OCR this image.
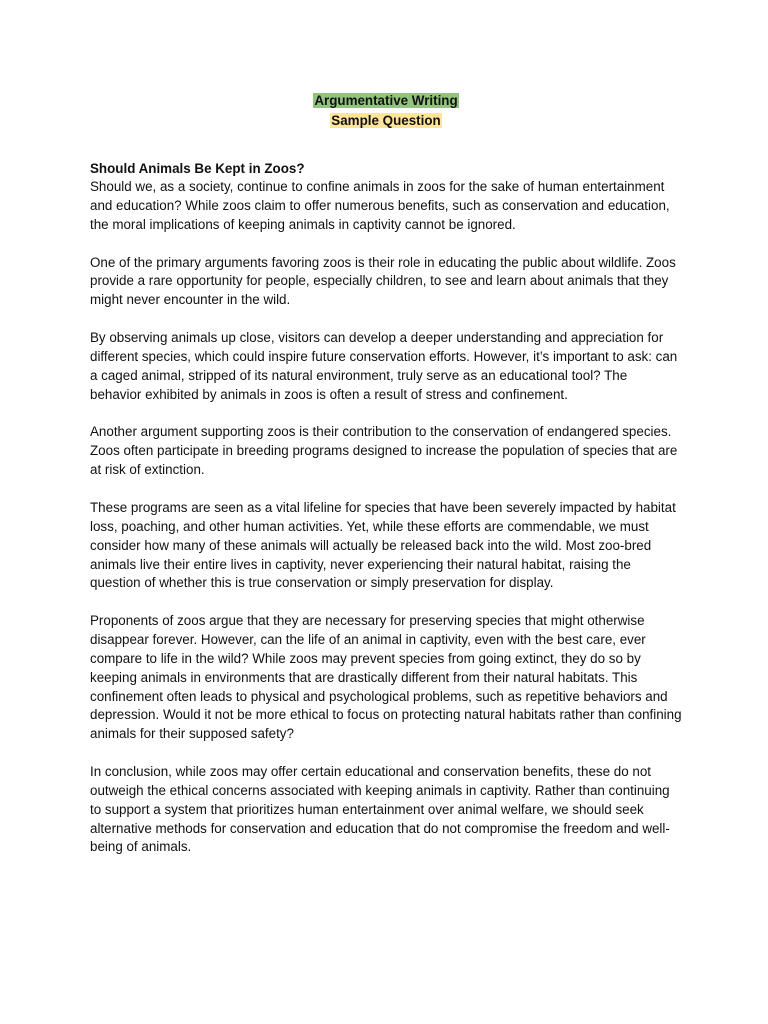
Argumentative Writing
Sample Question
Should Animals Be Kept in Zoos?

Should we, as a society, continue to confine animals in zoos for the sake of human entertainment and education? While zoos claim to offer numerous benefits, such as conservation and education, the moral implications of keeping animals in captivity cannot be ignored.

One of the primary arguments favoring zoos is their role in educating the public about wildlife. Zoos provide a rare opportunity for people, especially children, to see and learn about animals that they might never encounter in the wild.

By observing animals up close, visitors can develop a deeper understanding and appreciation for different species, which could inspire future conservation efforts. However, it’s important to ask: can a caged animal, stripped of its natural environment, truly serve as an educational tool? The behavior exhibited by animals in zoos is often a result of stress and confinement.

Another argument supporting zoos is their contribution to the conservation of endangered species. Zoos often participate in breeding programs designed to increase the population of species that are at risk of extinction.

These programs are seen as a vital lifeline for species that have been severely impacted by habitat loss, poaching, and other human activities. Yet, while these efforts are commendable, we must consider how many of these animals will actually be released back into the wild. Most zoo-bred animals live their entire lives in captivity, never experiencing their natural habitat, raising the question of whether this is true conservation or simply preservation for display.

Proponents of zoos argue that they are necessary for preserving species that might otherwise disappear forever. However, can the life of an animal in captivity, even with the best care, ever compare to life in the wild? While zoos may prevent species from going extinct, they do so by keeping animals in environments that are drastically different from their natural habitats. This confinement often leads to physical and psychological problems, such as repetitive behaviors and depression. Would it not be more ethical to focus on protecting natural habitats rather than confining animals for their supposed safety?

In conclusion, while zoos may offer certain educational and conservation benefits, these do not outweigh the ethical concerns associated with keeping animals in captivity. Rather than continuing to support a system that prioritizes human entertainment over animal welfare, we should seek alternative methods for conservation and education that do not compromise the freedom and well-being of animals.
